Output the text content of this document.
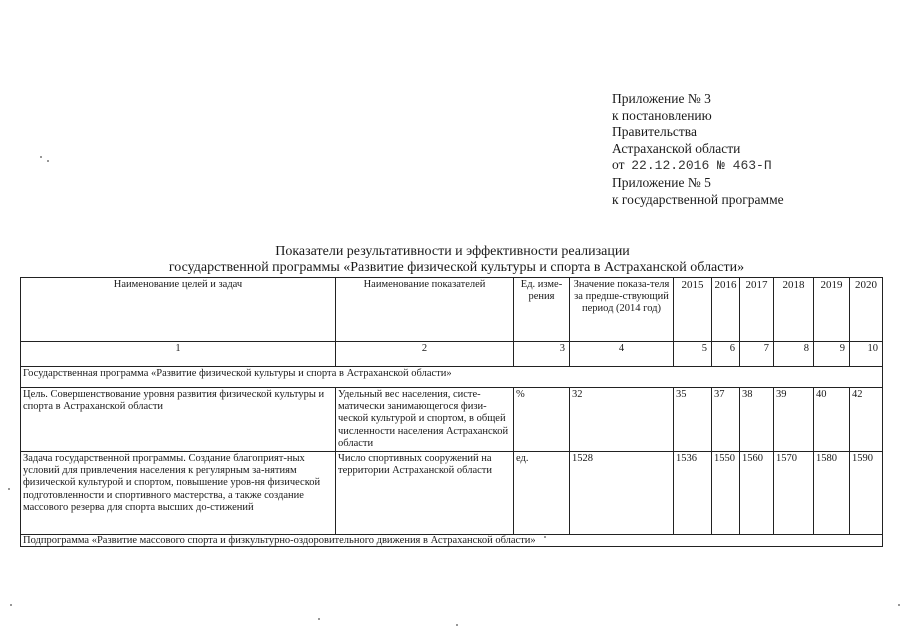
Приложение № 3
к постановлению
Правительства
Астраханской области
от 22.12.2016 № 463-П
Приложение № 5
к государственной программе
Показатели результативности и эффективности реализации
государственной программы «Развитие физической культуры и спорта в Астраханской области»
Наименование целей и задач	Наименование показателей	Ед. изме-рения	Значение показа-теля за предше-ствующий период (2014 год)	2015	2016	2017	2018	2019	2020
1	2	3	4	5	6	7	8	9	10
Государственная программа «Развитие физической культуры и спорта в Астраханской области»									
Цель. Совершенствование уровня развития физической культуры и спорта в Астраханской области	Удельный вес населения, систе-матически занимающегося физи-ческой культурой и спортом, в общей численности населения Астраханской области	%	32	35	37	38	39	40	42
Задача государственной программы. Создание благоприят-ных условий для привлечения населения к регулярным за-нятиям физической культурой и спортом, повышение уров-ня физической подготовленности и спортивного мастерства, а также создание массового резерва для спорта высших до-стижений	Число спортивных сооружений на территории Астраханской области	ед.	1528	1536	1550	1560	1570	1580	1590
Подпрограмма «Развитие массового спорта и физкультурно-оздоровительного движения в Астраханской области»									
